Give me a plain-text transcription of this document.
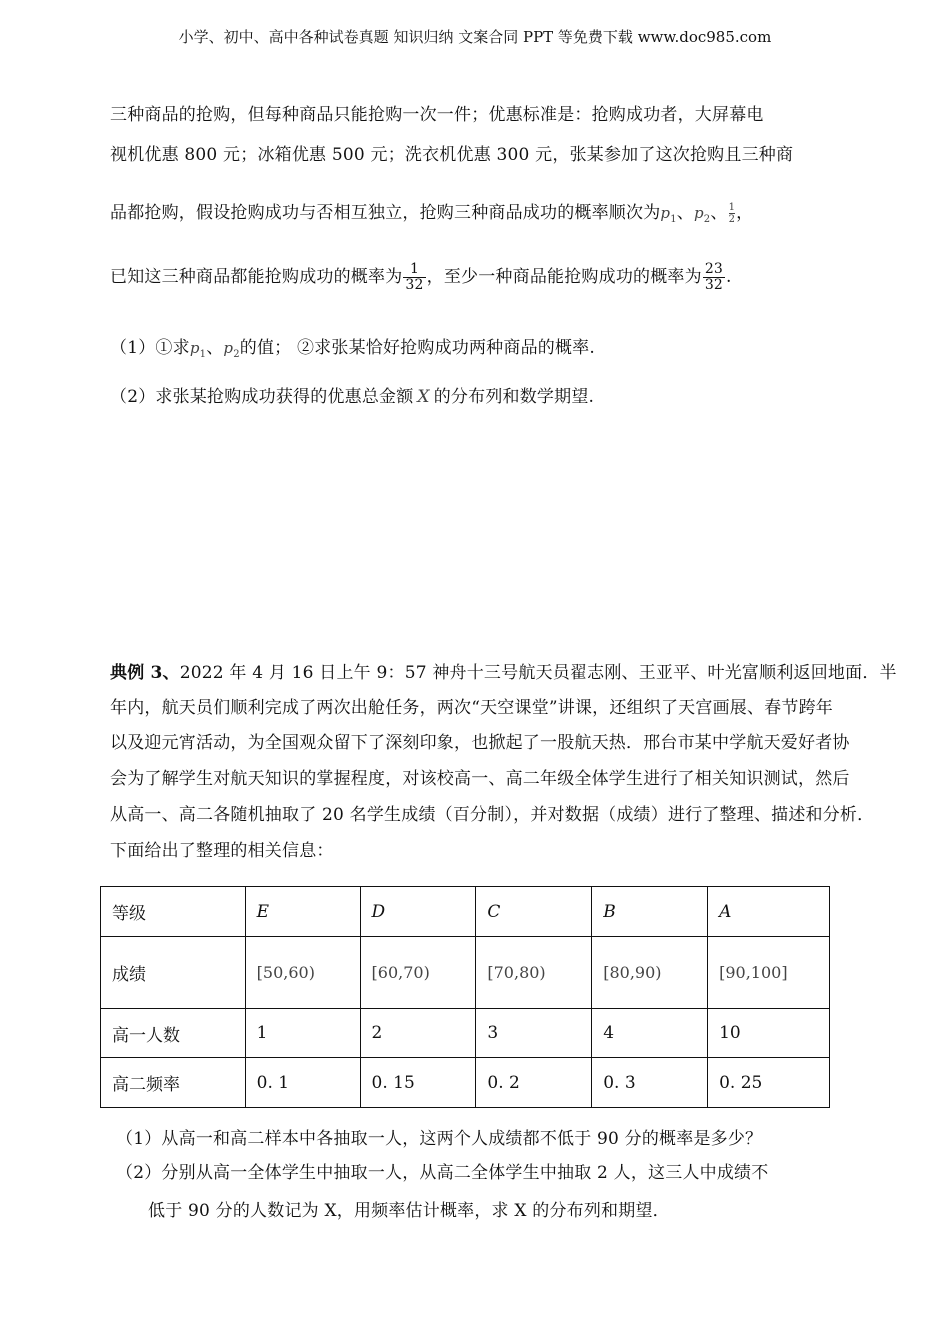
小学、初中、高中各种试卷真题 知识归纳 文案合同 PPT 等免费下载 www.doc985.com
三种商品的抢购，但每种商品只能抢购一次一件；优惠标准是：抢购成功者，大屏幕电
视机优惠 800 元；冰箱优惠 500 元；洗衣机优惠 300 元，张某参加了这次抢购且三种商
品都抢购，假设抢购成功与否相互独立，抢购三种商品成功的概率顺次为$p_1$、$p_2$、 $\frac{1}{2}$，
已知这三种商品都能抢购成功的概率为 $\frac{1}{32}$ ，至少一种商品能抢购成功的概率为 $\frac{23}{32}$ .
（1）①求$p_1$、$p_2$的值； ②求张某恰好抢购成功两种商品的概率.
（2）求张某抢购成功获得的优惠总金额 X 的分布列和数学期望.
典例 3、2022 年 4 月 16 日上午 9：57 神舟十三号航天员翟志刚、王亚平、叶光富顺利返回地面．半
年内，航天员们顺利完成了两次出舱任务，两次“天空课堂”讲课，还组织了天宫画展、春节跨年
以及迎元宵活动，为全国观众留下了深刻印象，也掀起了一股航天热．邢台市某中学航天爱好者协
会为了解学生对航天知识的掌握程度，对该校高一、高二年级全体学生进行了相关知识测试，然后
从高一、高二各随机抽取了 20 名学生成绩（百分制），并对数据（成绩）进行了整理、描述和分析．
下面给出了整理的相关信息：
等级	E	D	C	B	A
成绩	[50,60)	[60,70)	[70,80)	[80,90)	[90,100]
高一人数	1	2	3	4	10
高二频率	0. 1	0. 15	0. 2	0. 3	0. 25
（1）从高一和高二样本中各抽取一人，这两个人成绩都不低于 90 分的概率是多少？
（2）分别从高一全体学生中抽取一人，从高二全体学生中抽取 2 人，这三人中成绩不
低于 90 分的人数记为 X，用频率估计概率，求 X 的分布列和期望．
